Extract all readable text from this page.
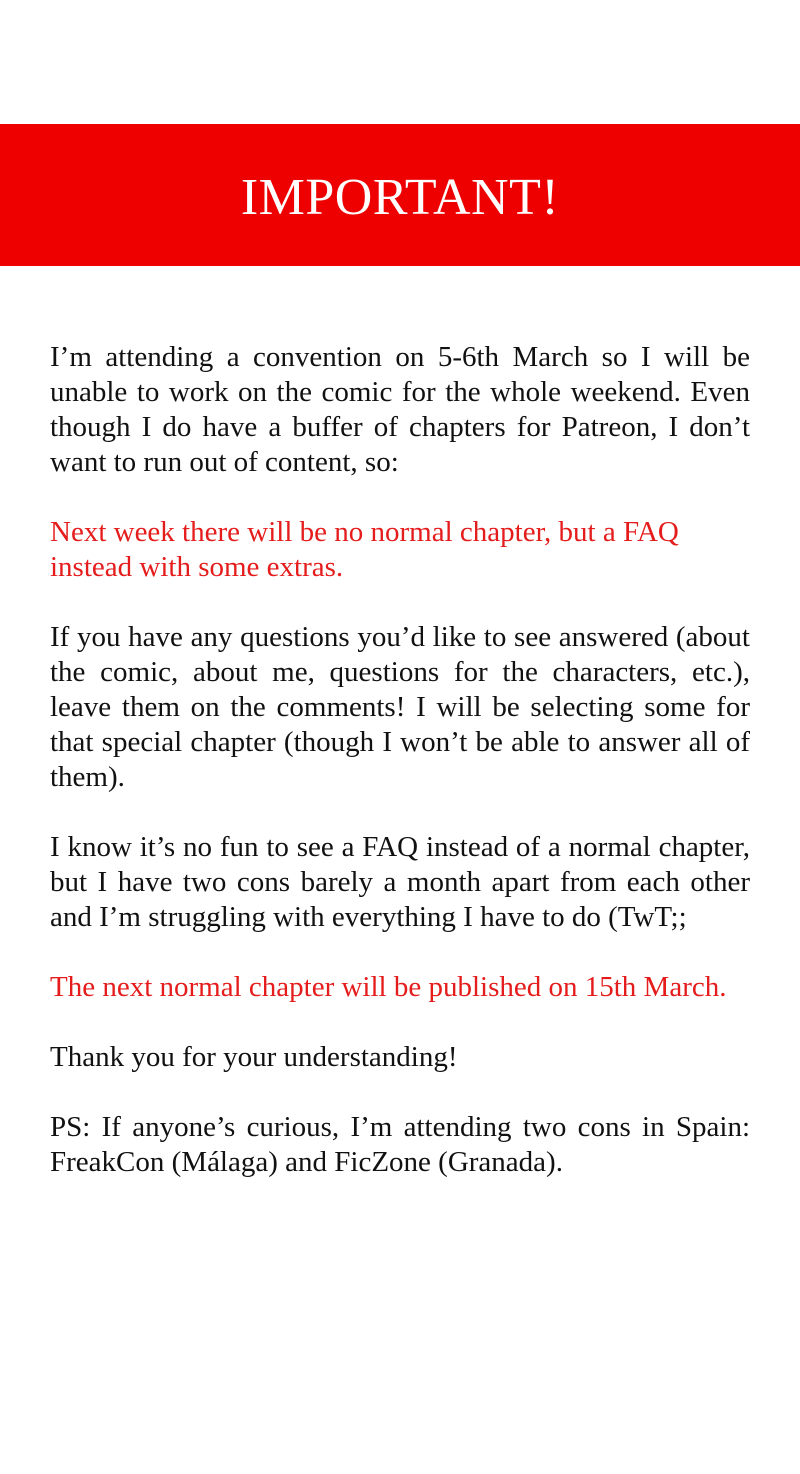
IMPORTANT!

I’m attending a convention on 5-6th March so I will be unable to work on the comic for the whole weekend. Even though I do have a buffer of chapters for Patreon, I don’t want to run out of content, so:

Next week there will be no normal chapter, but a FAQ instead with some extras.

If you have any questions you’d like to see answered (about the comic, about me, questions for the characters, etc.), leave them on the comments! I will be selecting some for that special chapter (though I won’t be able to answer all of them).

I know it’s no fun to see a FAQ instead of a normal chapter, but I have two cons barely a month apart from each other and I’m struggling with everything I have to do (TwT;;

The next normal chapter will be published on 15th March.

Thank you for your understanding!

PS: If anyone’s curious, I’m attending two cons in Spain: FreakCon (Málaga) and FicZone (Granada).
